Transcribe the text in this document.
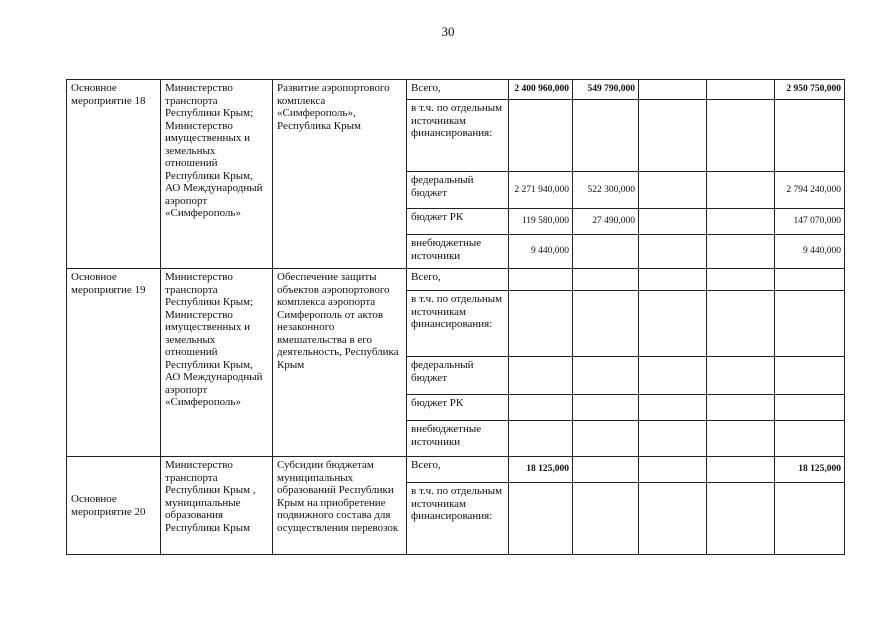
30
Основное мероприятие 18	Министерство транспорта Республики Крым; Министерство имущественных и земельных отношений Республики Крым, АО Международный аэропорт «Симферополь»	Развитие аэропортового комплекса «Симферополь», Республика Крым	Всего,	2 400 960,000	549 790,000			2 950 750,000
			в т.ч. по отдельным источникам финансирования:					
			федеральный бюджет	2 271 940,000	522 300,000			2 794 240,000
			бюджет РК	119 580,000	27 490,000			147 070,000
			внебюджетные источники	9 440,000				9 440,000
Основное мероприятие 19	Министерство транспорта Республики Крым; Министерство имущественных и земельных отношений Республики Крым, АО Международный аэропорт «Симферополь»	Обеспечение защиты объектов аэропортового комплекса аэропорта Симферополь от актов незаконного вмешательства в его деятельность, Республика Крым	Всего,					
			в т.ч. по отдельным источникам финансирования:					
			федеральный бюджет					
			бюджет РК					
			внебюджетные источники					
Основное мероприятие 20	Министерство транспорта Республики Крым , муниципальные образования Республики Крым	Субсидии бюджетам муниципальных образований Республики Крым на приобретение подвижного состава для осуществления перевозок	Всего,	18 125,000				18 125,000
			в т.ч. по отдельным источникам финансирования:					
